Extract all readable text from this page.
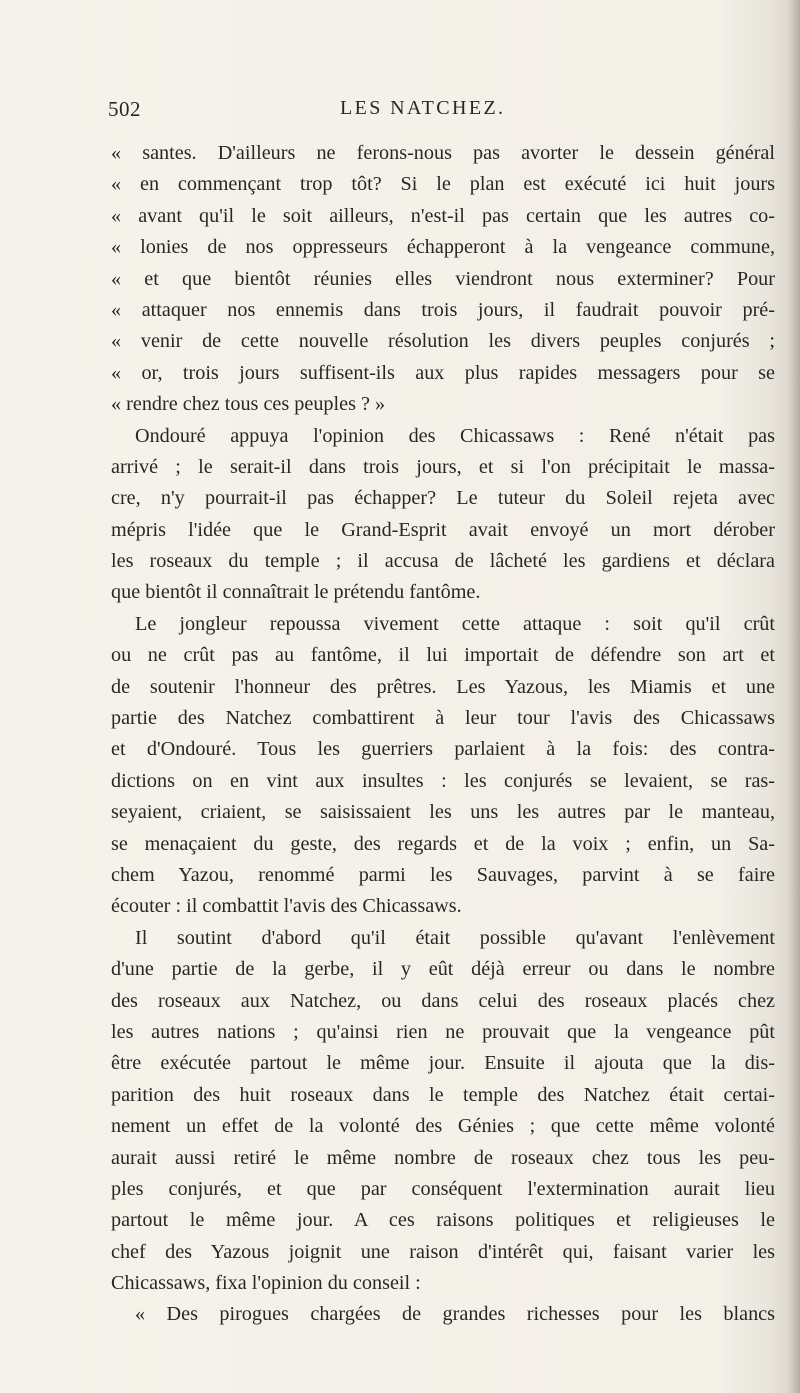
502	LES NATCHEZ.
« santes. D'ailleurs ne ferons-nous pas avorter le dessein général
« en commençant trop tôt? Si le plan est exécuté ici huit jours
« avant qu'il le soit ailleurs, n'est-il pas certain que les autres co-
« lonies de nos oppresseurs échapperont à la vengeance commune,
« et que bientôt réunies elles viendront nous exterminer? Pour
« attaquer nos ennemis dans trois jours, il faudrait pouvoir pré-
« venir de cette nouvelle résolution les divers peuples conjurés ;
« or, trois jours suffisent-ils aux plus rapides messagers pour se
« rendre chez tous ces peuples ? »
Ondouré appuya l'opinion des Chicassaws : René n'était pas
arrivé ; le serait-il dans trois jours, et si l'on précipitait le massa-
cre, n'y pourrait-il pas échapper? Le tuteur du Soleil rejeta avec
mépris l'idée que le Grand-Esprit avait envoyé un mort dérober
les roseaux du temple ; il accusa de lâcheté les gardiens et déclara
que bientôt il connaîtrait le prétendu fantôme.
Le jongleur repoussa vivement cette attaque : soit qu'il crût
ou ne crût pas au fantôme, il lui importait de défendre son art et
de soutenir l'honneur des prêtres. Les Yazous, les Miamis et une
partie des Natchez combattirent à leur tour l'avis des Chicassaws
et d'Ondouré. Tous les guerriers parlaient à la fois: des contra-
dictions on en vint aux insultes : les conjurés se levaient, se ras-
seyaient, criaient, se saisissaient les uns les autres par le manteau,
se menaçaient du geste, des regards et de la voix ; enfin, un Sa-
chem Yazou, renommé parmi les Sauvages, parvint à se faire
écouter : il combattit l'avis des Chicassaws.
Il soutint d'abord qu'il était possible qu'avant l'enlèvement
d'une partie de la gerbe, il y eût déjà erreur ou dans le nombre
des roseaux aux Natchez, ou dans celui des roseaux placés chez
les autres nations ; qu'ainsi rien ne prouvait que la vengeance pût
être exécutée partout le même jour. Ensuite il ajouta que la dis-
parition des huit roseaux dans le temple des Natchez était certai-
nement un effet de la volonté des Génies ; que cette même volonté
aurait aussi retiré le même nombre de roseaux chez tous les peu-
ples conjurés, et que par conséquent l'extermination aurait lieu
partout le même jour. A ces raisons politiques et religieuses le
chef des Yazous joignit une raison d'intérêt qui, faisant varier les
Chicassaws, fixa l'opinion du conseil :
« Des pirogues chargées de grandes richesses pour les blancs
